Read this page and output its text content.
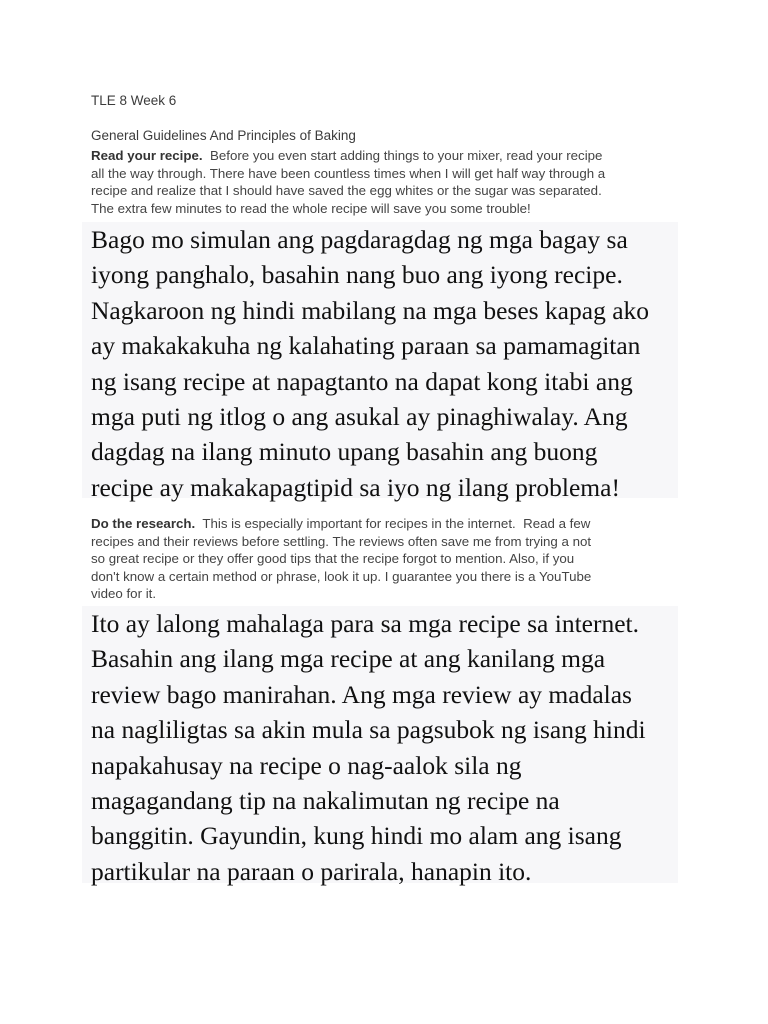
TLE 8 Week 6
General Guidelines And Principles of Baking

Read your recipe.  Before you even start adding things to your mixer, read your recipe
all the way through. There have been countless times when I will get half way through a
recipe and realize that I should have saved the egg whites or the sugar was separated.
The extra few minutes to read the whole recipe will save you some trouble!

Bago mo simulan ang pagdaragdag ng mga bagay sa
iyong panghalo, basahin nang buo ang iyong recipe.
Nagkaroon ng hindi mabilang na mga beses kapag ako
ay makakakuha ng kalahating paraan sa pamamagitan
ng isang recipe at napagtanto na dapat kong itabi ang
mga puti ng itlog o ang asukal ay pinaghiwalay. Ang
dagdag na ilang minuto upang basahin ang buong
recipe ay makakapagtipid sa iyo ng ilang problema!

Do the research.  This is especially important for recipes in the internet.  Read a few
recipes and their reviews before settling. The reviews often save me from trying a not
so great recipe or they offer good tips that the recipe forgot to mention. Also, if you
don't know a certain method or phrase, look it up. I guarantee you there is a YouTube
video for it.

Ito ay lalong mahalaga para sa mga recipe sa internet.
Basahin ang ilang mga recipe at ang kanilang mga
review bago manirahan. Ang mga review ay madalas
na nagliligtas sa akin mula sa pagsubok ng isang hindi
napakahusay na recipe o nag-aalok sila ng
magagandang tip na nakalimutan ng recipe na
banggitin. Gayundin, kung hindi mo alam ang isang
partikular na paraan o parirala, hanapin ito.
